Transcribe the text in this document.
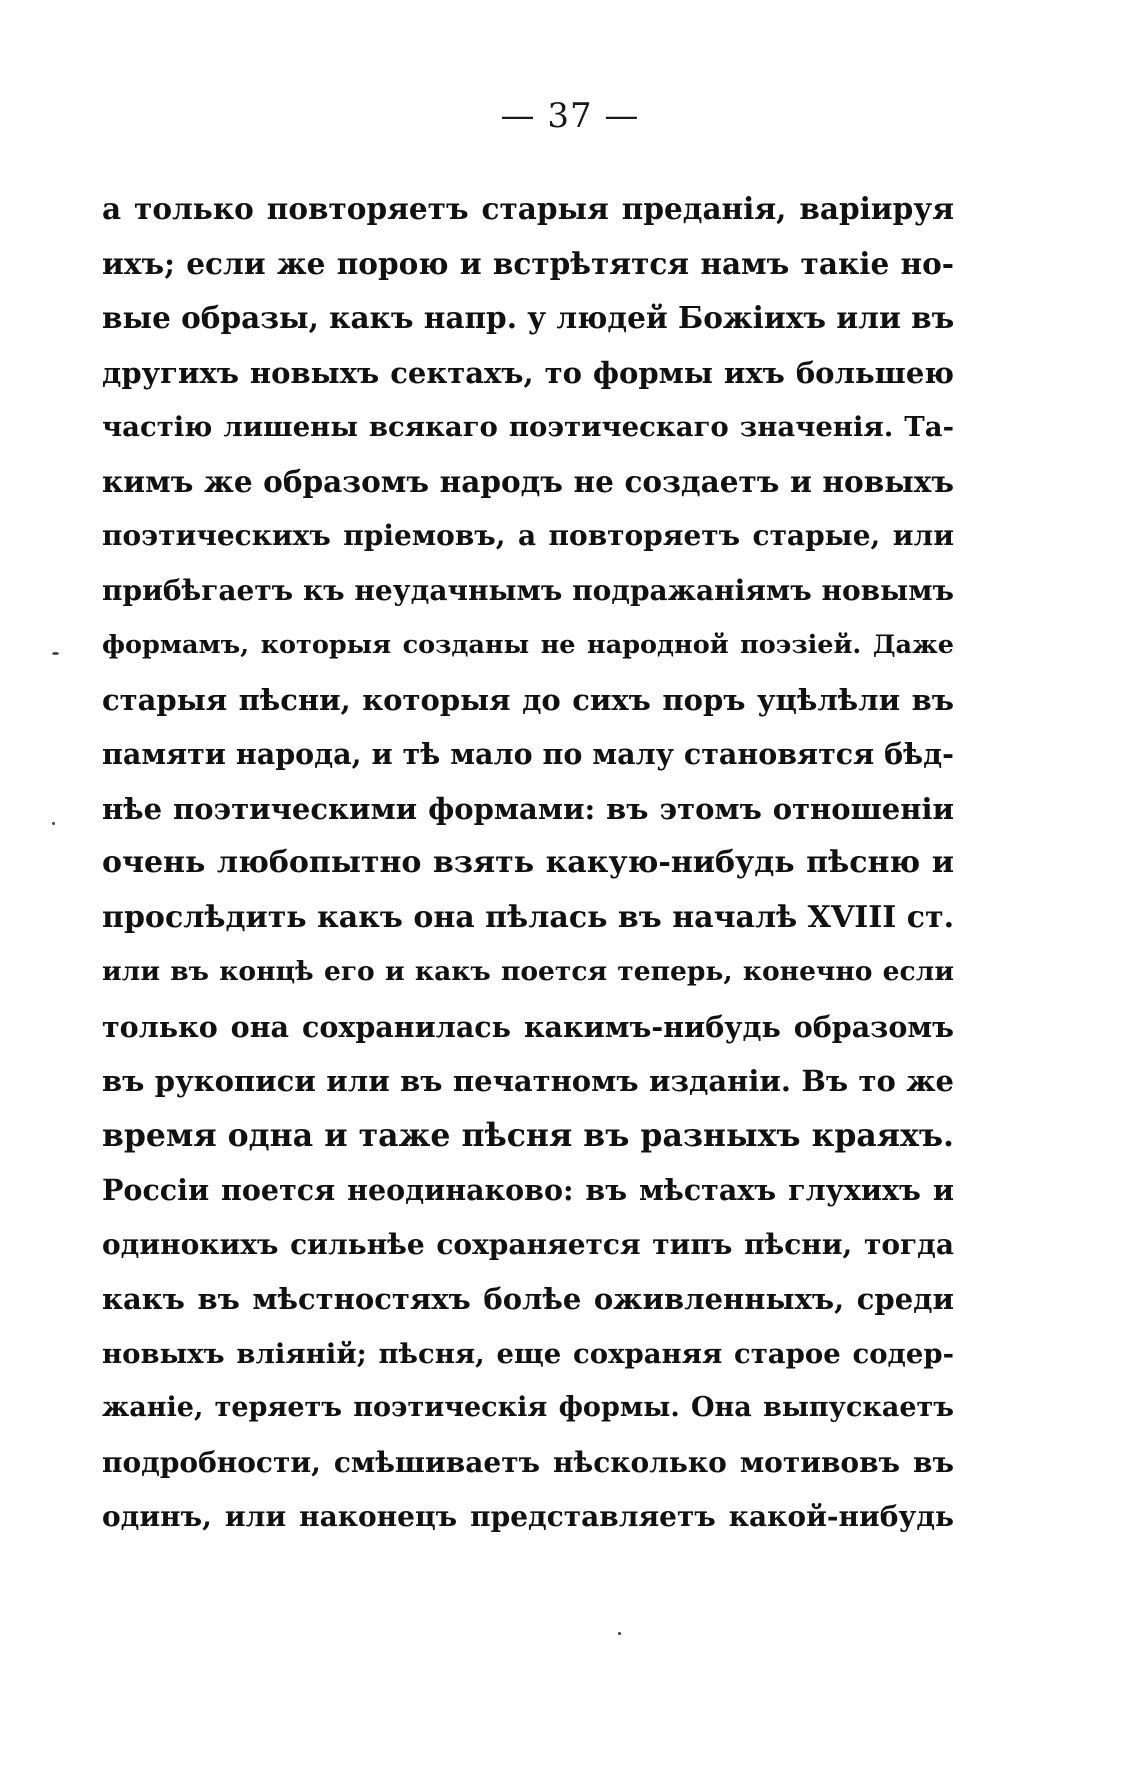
— 37 —
а только повторяетъ старыя преданія, варіируя
ихъ; если же порою и встрѣтятся намъ такіе но-
вые образы, какъ напр. у людей Божіихъ или въ
другихъ новыхъ сектахъ, то формы ихъ большею
частію лишены всякаго поэтическаго значенія. Та-
кимъ же образомъ народъ не создаетъ и новыхъ
поэтическихъ пріемовъ, а повторяетъ старые, или
прибѣгаетъ къ неудачнымъ подражаніямъ новымъ
формамъ, которыя созданы не народной поэзіей. Даже
старыя пѣсни, которыя до сихъ поръ уцѣлѣли въ
памяти народа, и тѣ мало по малу становятся бѣд-
нѣе поэтическими формами: въ этомъ отношеніи
очень любопытно взять какую-нибудь пѣсню и
прослѣдить какъ она пѣлась въ началѣ XVIII ст.
или въ концѣ его и какъ поется теперь, конечно если
только она сохранилась какимъ-нибудь образомъ
въ рукописи или въ печатномъ изданіи. Въ то же
время одна и таже пѣсня въ разныхъ краяхъ.
Россіи поется неодинаково: въ мѣстахъ глухихъ и
одинокихъ сильнѣе сохраняется типъ пѣсни, тогда
какъ въ мѣстностяхъ болѣе оживленныхъ, среди
новыхъ вліяній; пѣсня, еще сохраняя старое содер-
жаніе, теряетъ поэтическія формы. Она выпускаетъ
подробности, смѣшиваетъ нѣсколько мотивовъ въ
одинъ, или наконецъ представляетъ какой-нибудь
